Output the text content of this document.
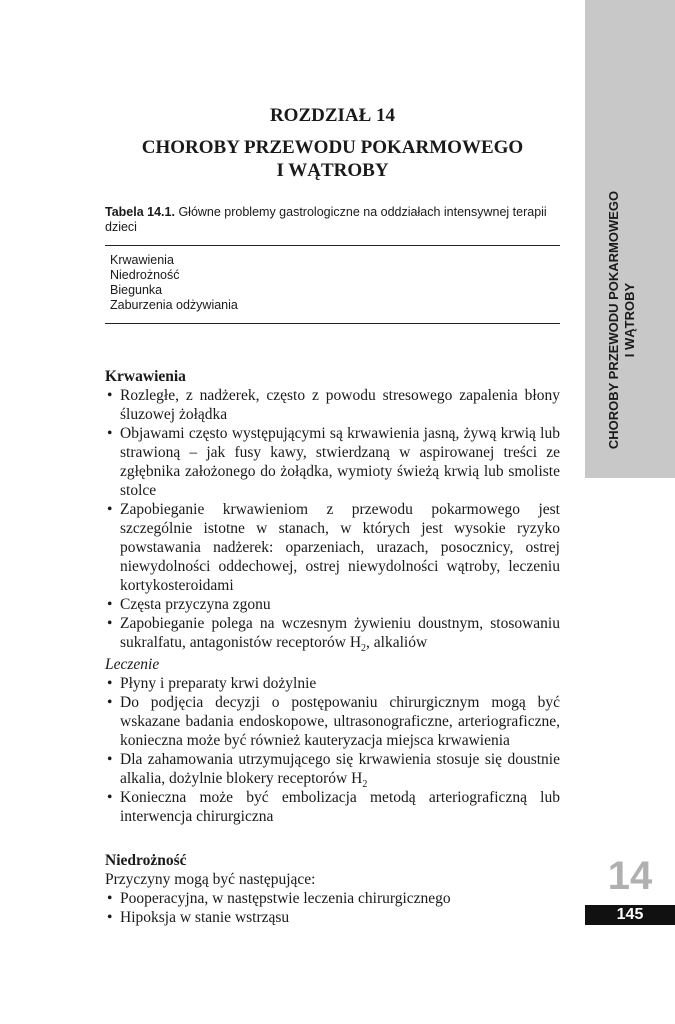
CHOROBY PRZEWODU POKARMOWEGO I WĄTROBY
14
145
ROZDZIAŁ 14
CHOROBY PRZEWODU POKARMOWEGO
I WĄTROBY
Tabela 14.1. Główne problemy gastrologiczne na oddziałach intensywnej terapii dzieci
Krwawienia
Niedrożność
Biegunka
Zaburzenia odżywiania

Krwawienia

• Rozległe, z nadżerek, często z powodu stresowego zapalenia błony śluzowej żołądka
• Objawami często występującymi są krwawienia jasną, żywą krwią lub strawioną – jak fusy kawy, stwierdzaną w aspirowanej treści ze zgłębnika założonego do żołądka, wymioty świeżą krwią lub smoliste stolce
• Zapobieganie krwawieniom z przewodu pokarmowego jest szczególnie istotne w stanach, w których jest wysokie ryzyko powstawania nadżerek: oparzeniach, urazach, posocznicy, ostrej niewydolności oddechowej, ostrej niewydolności wątroby, leczeniu kortykosteroidami
• Częsta przyczyna zgonu
• Zapobieganie polega na wczesnym żywieniu doustnym, stosowaniu sukralfatu, antagonistów receptorów $H_2$, alkaliów

Leczenie

• Płyny i preparaty krwi dożylnie
• Do podjęcia decyzji o postępowaniu chirurgicznym mogą być wskazane badania endoskopowe, ultrasonograficzne, arteriograficzne, konieczna może być również kauteryzacja miejsca krwawienia
• Dla zahamowania utrzymującego się krwawienia stosuje się doustnie alkalia, dożylnie blokery receptorów $H_2$
• Konieczna może być embolizacja metodą arteriograficzną lub interwencja chirurgiczna

Niedrożność

Przyczyny mogą być następujące:

• Pooperacyjna, w następstwie leczenia chirurgicznego
• Hipoksja w stanie wstrząsu
